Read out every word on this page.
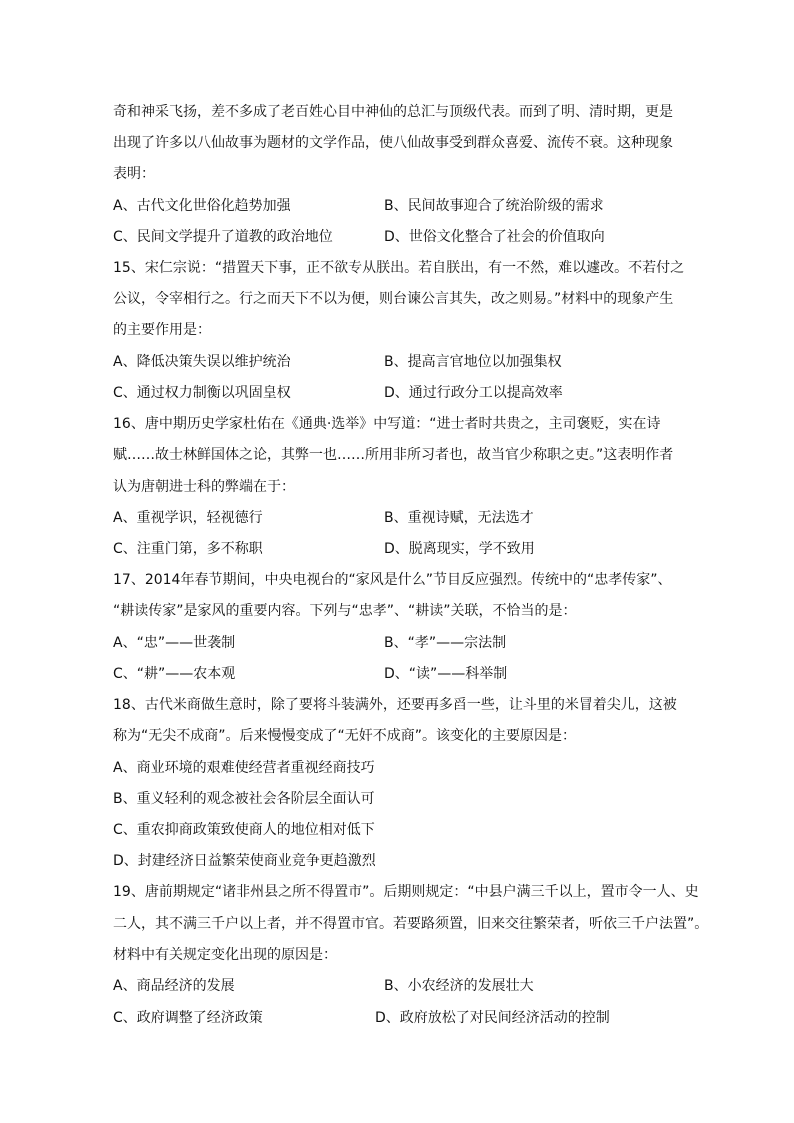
奇和神采飞扬，差不多成了老百姓心目中神仙的总汇与顶级代表。而到了明、清时期，更是
出现了许多以八仙故事为题材的文学作品，使八仙故事受到群众喜爱、流传不衰。这种现象
表明：
A、古代文化世俗化趋势加强	B、民间故事迎合了统治阶级的需求
C、民间文学提升了道教的政治地位	D、世俗文化整合了社会的价值取向
15、宋仁宗说：“措置天下事，正不欲专从朕出。若自朕出，有一不然，难以遽改。不若付之
公议，令宰相行之。行之而天下不以为便，则台谏公言其失，改之则易。”材料中的现象产生
的主要作用是：
A、降低决策失误以维护统治	B、提高言官地位以加强集权
C、通过权力制衡以巩固皇权	D、通过行政分工以提高效率
16、唐中期历史学家杜佑在《通典·选举》中写道：“进士者时共贵之，主司褒贬，实在诗
赋……故士林鲜国体之论，其弊一也……所用非所习者也，故当官少称职之吏。”这表明作者
认为唐朝进士科的弊端在于：
A、重视学识，轻视德行	B、重视诗赋，无法选才
C、注重门第，多不称职	D、脱离现实，学不致用
17、2014年春节期间，中央电视台的“家风是什么”节目反应强烈。传统中的“忠孝传家”、
“耕读传家”是家风的重要内容。下列与“忠孝”、“耕读”关联，不恰当的是：
A、“忠”——世袭制	B、“孝”——宗法制
C、“耕”——农本观	D、“读”——科举制
18、古代米商做生意时，除了要将斗装满外，还要再多舀一些，让斗里的米冒着尖儿，这被
称为“无尖不成商”。后来慢慢变成了“无奸不成商”。该变化的主要原因是：
A、商业环境的艰难使经营者重视经商技巧
B、重义轻利的观念被社会各阶层全面认可
C、重农抑商政策致使商人的地位相对低下
D、封建经济日益繁荣使商业竞争更趋激烈
19、唐前期规定“诸非州县之所不得置市”。后期则规定：“中县户满三千以上，置市令一人、史
二人，其不满三千户以上者，并不得置市官。若要路须置，旧来交往繁荣者，听依三千户法置”。
材料中有关规定变化出现的原因是：
A、商品经济的发展	B、小农经济的发展壮大
C、政府调整了经济政策	D、政府放松了对民间经济活动的控制
